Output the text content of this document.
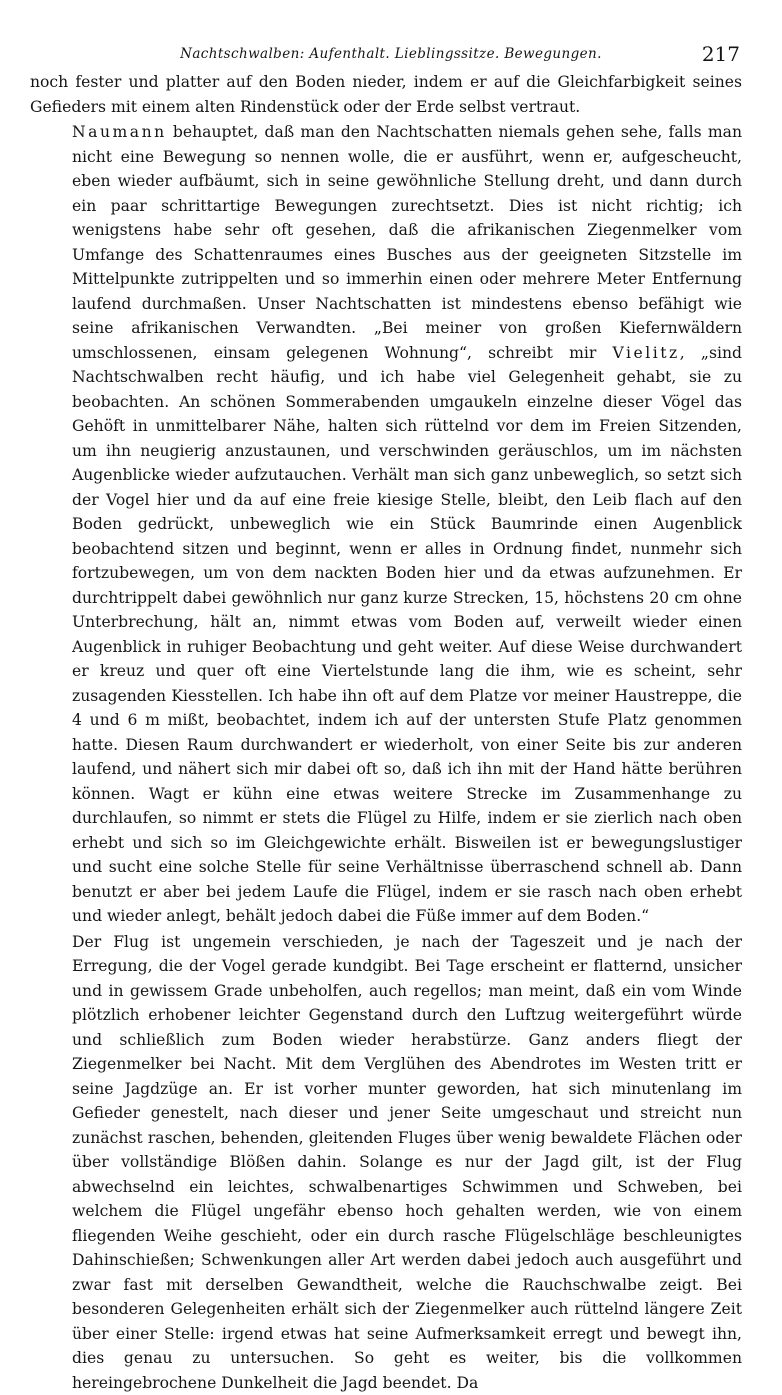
Nachtschwalben: Aufenthalt. Lieblingssitze. Bewegungen.	217

noch fester und platter auf den Boden nieder, indem er auf die Gleichfarbigkeit seines Gefieders mit einem alten Rindenstück oder der Erde selbst vertraut.

Naumann behauptet, daß man den Nachtschatten niemals gehen sehe, falls man nicht eine Bewegung so nennen wolle, die er ausführt, wenn er, aufgescheucht, eben wieder aufbäumt, sich in seine gewöhnliche Stellung dreht, und dann durch ein paar schrittartige Bewegungen zurechtsetzt. Dies ist nicht richtig; ich wenigstens habe sehr oft gesehen, daß die afrikanischen Ziegenmelker vom Umfange des Schattenraumes eines Busches aus der geeigneten Sitzstelle im Mittelpunkte zutrippelten und so immerhin einen oder mehrere Meter Entfernung laufend durchmaßen. Unser Nachtschatten ist mindestens ebenso befähigt wie seine afrikanischen Verwandten. „Bei meiner von großen Kiefernwäldern umschlossenen, einsam gelegenen Wohnung“, schreibt mir Vielitz, „sind Nachtschwalben recht häufig, und ich habe viel Gelegenheit gehabt, sie zu beobachten. An schönen Sommerabenden umgaukeln einzelne dieser Vögel das Gehöft in unmittelbarer Nähe, halten sich rüttelnd vor dem im Freien Sitzenden, um ihn neugierig anzustaunen, und verschwinden geräuschlos, um im nächsten Augenblicke wieder aufzutauchen. Verhält man sich ganz unbeweglich, so setzt sich der Vogel hier und da auf eine freie kiesige Stelle, bleibt, den Leib flach auf den Boden gedrückt, unbeweglich wie ein Stück Baumrinde einen Augenblick beobachtend sitzen und beginnt, wenn er alles in Ordnung findet, nunmehr sich fortzubewegen, um von dem nackten Boden hier und da etwas aufzunehmen. Er durchtrippelt dabei gewöhnlich nur ganz kurze Strecken, 15, höchstens 20 cm ohne Unterbrechung, hält an, nimmt etwas vom Boden auf, verweilt wieder einen Augenblick in ruhiger Beobachtung und geht weiter. Auf diese Weise durchwandert er kreuz und quer oft eine Viertelstunde lang die ihm, wie es scheint, sehr zusagenden Kiesstellen. Ich habe ihn oft auf dem Platze vor meiner Haustreppe, die 4 und 6 m mißt, beobachtet, indem ich auf der untersten Stufe Platz genommen hatte. Diesen Raum durchwandert er wiederholt, von einer Seite bis zur anderen laufend, und nähert sich mir dabei oft so, daß ich ihn mit der Hand hätte berühren können. Wagt er kühn eine etwas weitere Strecke im Zusammenhange zu durchlaufen, so nimmt er stets die Flügel zu Hilfe, indem er sie zierlich nach oben erhebt und sich so im Gleichgewichte erhält. Bisweilen ist er bewegungslustiger und sucht eine solche Stelle für seine Verhältnisse überraschend schnell ab. Dann benutzt er aber bei jedem Laufe die Flügel, indem er sie rasch nach oben erhebt und wieder anlegt, behält jedoch dabei die Füße immer auf dem Boden.“

Der Flug ist ungemein verschieden, je nach der Tageszeit und je nach der Erregung, die der Vogel gerade kundgibt. Bei Tage erscheint er flatternd, unsicher und in gewissem Grade unbeholfen, auch regellos; man meint, daß ein vom Winde plötzlich erhobener leichter Gegenstand durch den Luftzug weitergeführt würde und schließlich zum Boden wieder herabstürze. Ganz anders fliegt der Ziegenmelker bei Nacht. Mit dem Verglühen des Abendrotes im Westen tritt er seine Jagdzüge an. Er ist vorher munter geworden, hat sich minutenlang im Gefieder genestelt, nach dieser und jener Seite umgeschaut und streicht nun zunächst raschen, behenden, gleitenden Fluges über wenig bewaldete Flächen oder über vollständige Blößen dahin. Solange es nur der Jagd gilt, ist der Flug abwechselnd ein leichtes, schwalbenartiges Schwimmen und Schweben, bei welchem die Flügel ungefähr ebenso hoch gehalten werden, wie von einem fliegenden Weihe geschieht, oder ein durch rasche Flügelschläge beschleunigtes Dahinschießen; Schwenkungen aller Art werden dabei jedoch auch ausgeführt und zwar fast mit derselben Gewandtheit, welche die Rauchschwalbe zeigt. Bei besonderen Gelegenheiten erhält sich der Ziegenmelker auch rüttelnd längere Zeit über einer Stelle: irgend etwas hat seine Aufmerksamkeit erregt und bewegt ihn, dies genau zu untersuchen. So geht es weiter, bis die vollkommen hereingebrochene Dunkelheit die Jagd beendet. Da
